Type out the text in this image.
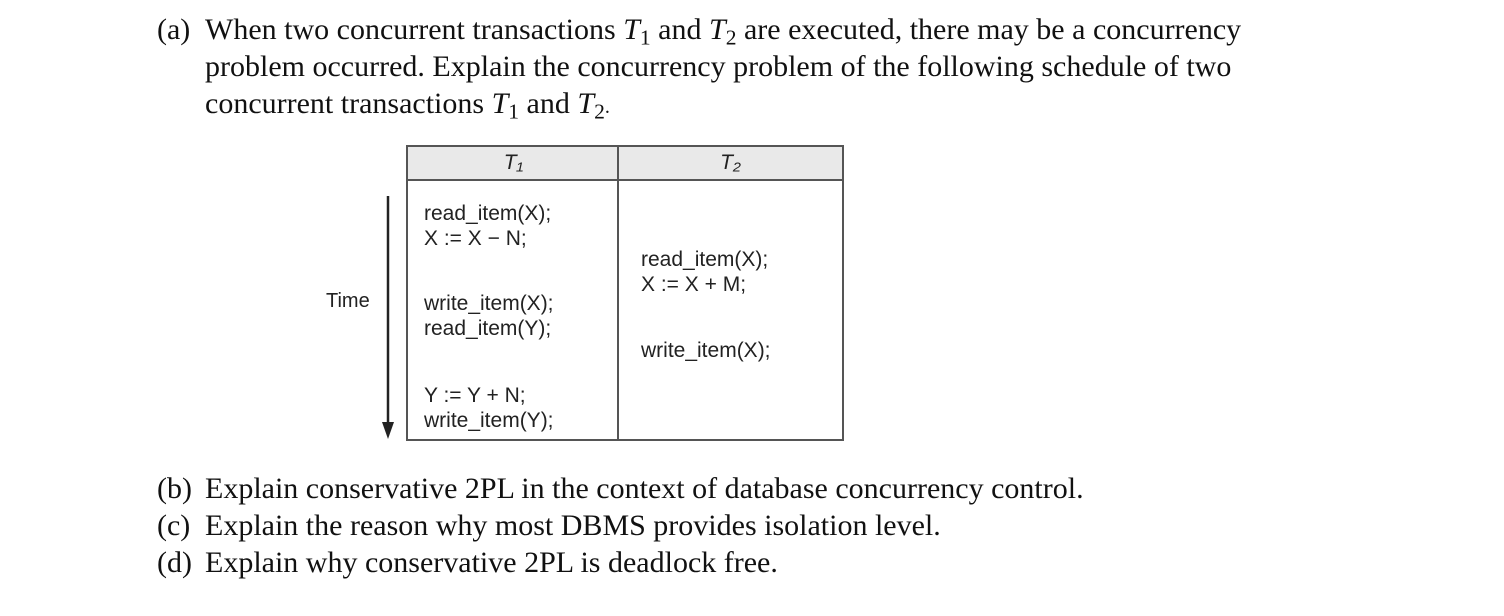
(a) When two concurrent transactions $T_1$ and $T_2$ are executed, there may be a concurrency
problem occurred. Explain the concurrency problem of the following schedule of two
concurrent transactions $T_1$ and $T_2$.
Time
T₁	T₂
read_item(X);
X := X − N;
write_item(X);
read_item(Y);
Y := Y + N;
write_item(Y);
read_item(X);
X := X + M;
write_item(X);
(b) Explain conservative 2PL in the context of database concurrency control.
(c) Explain the reason why most DBMS provides isolation level.
(d) Explain why conservative 2PL is deadlock free.
